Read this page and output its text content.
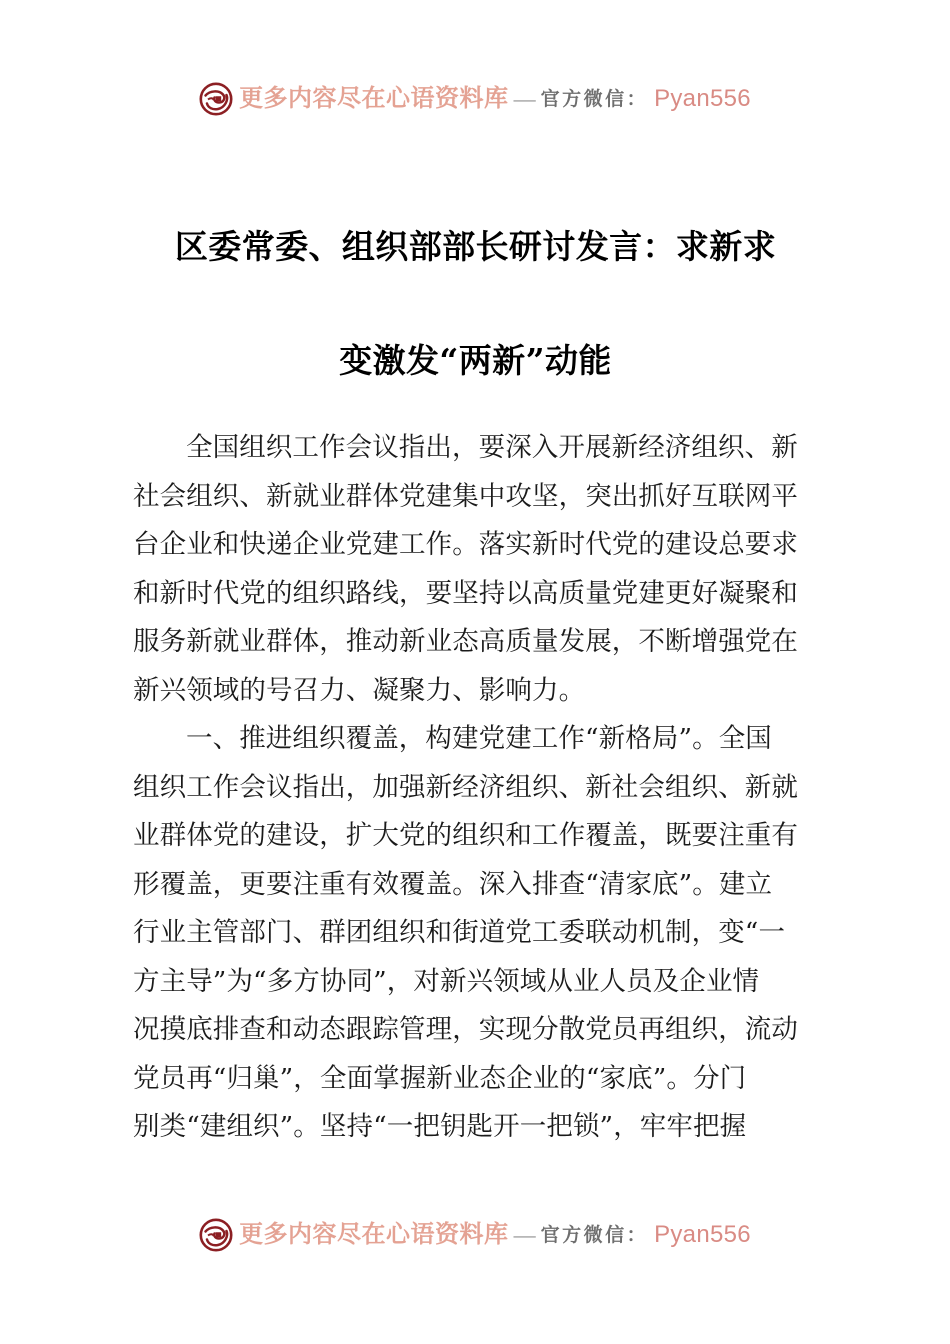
更多内容尽在心语资料库 — 官方微信： Pyan556
区委常委、组织部部长研讨发言：求新求
变激发“两新”动能

全国组织工作会议指出，要深入开展新经济组织、新
社会组织、新就业群体党建集中攻坚，突出抓好互联网平
台企业和快递企业党建工作。落实新时代党的建设总要求
和新时代党的组织路线，要坚持以高质量党建更好凝聚和
服务新就业群体，推动新业态高质量发展，不断增强党在
新兴领域的号召力、凝聚力、影响力。

一、推进组织覆盖，构建党建工作“新格局”。全国
组织工作会议指出，加强新经济组织、新社会组织、新就
业群体党的建设，扩大党的组织和工作覆盖，既要注重有
形覆盖，更要注重有效覆盖。深入排查“清家底”。建立
行业主管部门、群团组织和街道党工委联动机制，变“一
方主导”为“多方协同”，对新兴领域从业人员及企业情
况摸底排查和动态跟踪管理，实现分散党员再组织，流动
党员再“归巢”，全面掌握新业态企业的“家底”。分门
别类“建组织”。坚持“一把钥匙开一把锁”，牢牢把握

更多内容尽在心语资料库 — 官方微信： Pyan556
